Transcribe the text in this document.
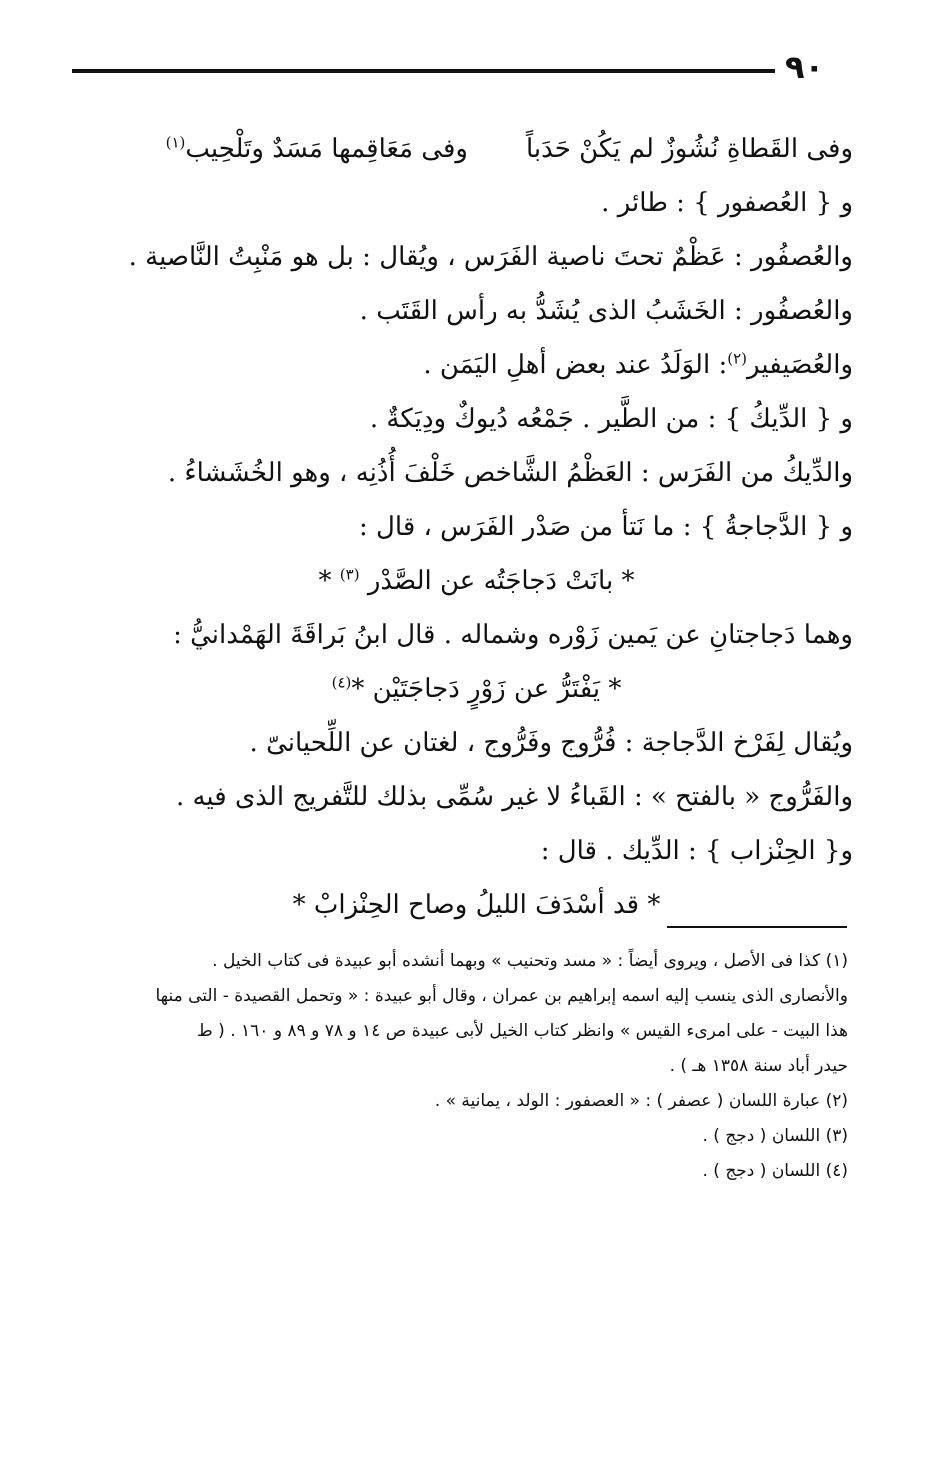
٩٠
وفى القَطاةِ نُشُوزٌ لم يَكُنْ حَدَباً
وفى مَعَاقِمها مَسَدٌ وتَلْحِيب$^{(١)}$
و { العُصفور } : طائر .
والعُصفُور : عَظْمٌ تحتَ ناصية الفَرَس ، ويُقال : بل هو مَنْبِتُ النَّاصية .
والعُصفُور : الخَشَبُ الذى يُشَدُّ به رأس القَتَب .
والعُصَيفير$^{(٢)}$: الوَلَدُ عند بعض أهلِ اليَمَن .
و { الدِّيكُ } : من الطَّير . جَمْعُه دُيوكٌ ودِيَكةٌ .
والدِّيكُ من الفَرَس : العَظْمُ الشَّاخص خَلْفَ أُذُنِه ، وهو الخُشَشاءُ .
و { الدَّجاجةُ } : ما نَتأ من صَدْر الفَرَس ، قال :
* بانَتْ دَجاجَتُه عن الصَّدْر $^{(٣)}$ *
وهما دَجاجتانِ عن يَمين زَوْره وشماله . قال ابنُ بَراقَةَ الهَمْدانيُّ :
* يَفْتَرُّ عن زَوْرٍ دَجاجَتَيْن *$^{(٤)}$
ويُقال لِفَرْخ الدَّجاجة : فُرُّوج وفَرُّوج ، لغتان عن اللِّحيانىّ .
والفَرُّوج « بالفتح » : القَباءُ لا غير سُمِّى بذلك للتَّفريج الذى فيه .
و{ الحِنْزاب } : الدِّيك . قال :
* قد أسْدَفَ الليلُ وصاح الحِنْزابْ *
(١) كذا فى الأصل ، ويروى أيضاً : « مسد وتحنيب » وبهما أنشده أبو عبيدة فى كتاب الخيل .
والأنصارى الذى ينسب إليه اسمه إبراهيم بن عمران ، وقال أبو عبيدة : « وتحمل القصيدة - التى منها
هذا البيت - على امرىء القيس » وانظر كتاب الخيل لأبى عبيدة ص ١٤ و ٧٨ و ٨٩ و ١٦٠ . ( ط
حيدر أباد سنة ١٣٥٨ هـ ) .
(٢) عبارة اللسان ( عصفر ) : « العصفور : الولد ، يمانية » .
(٣) اللسان ( دجج ) .
(٤) اللسان ( دجج ) .
